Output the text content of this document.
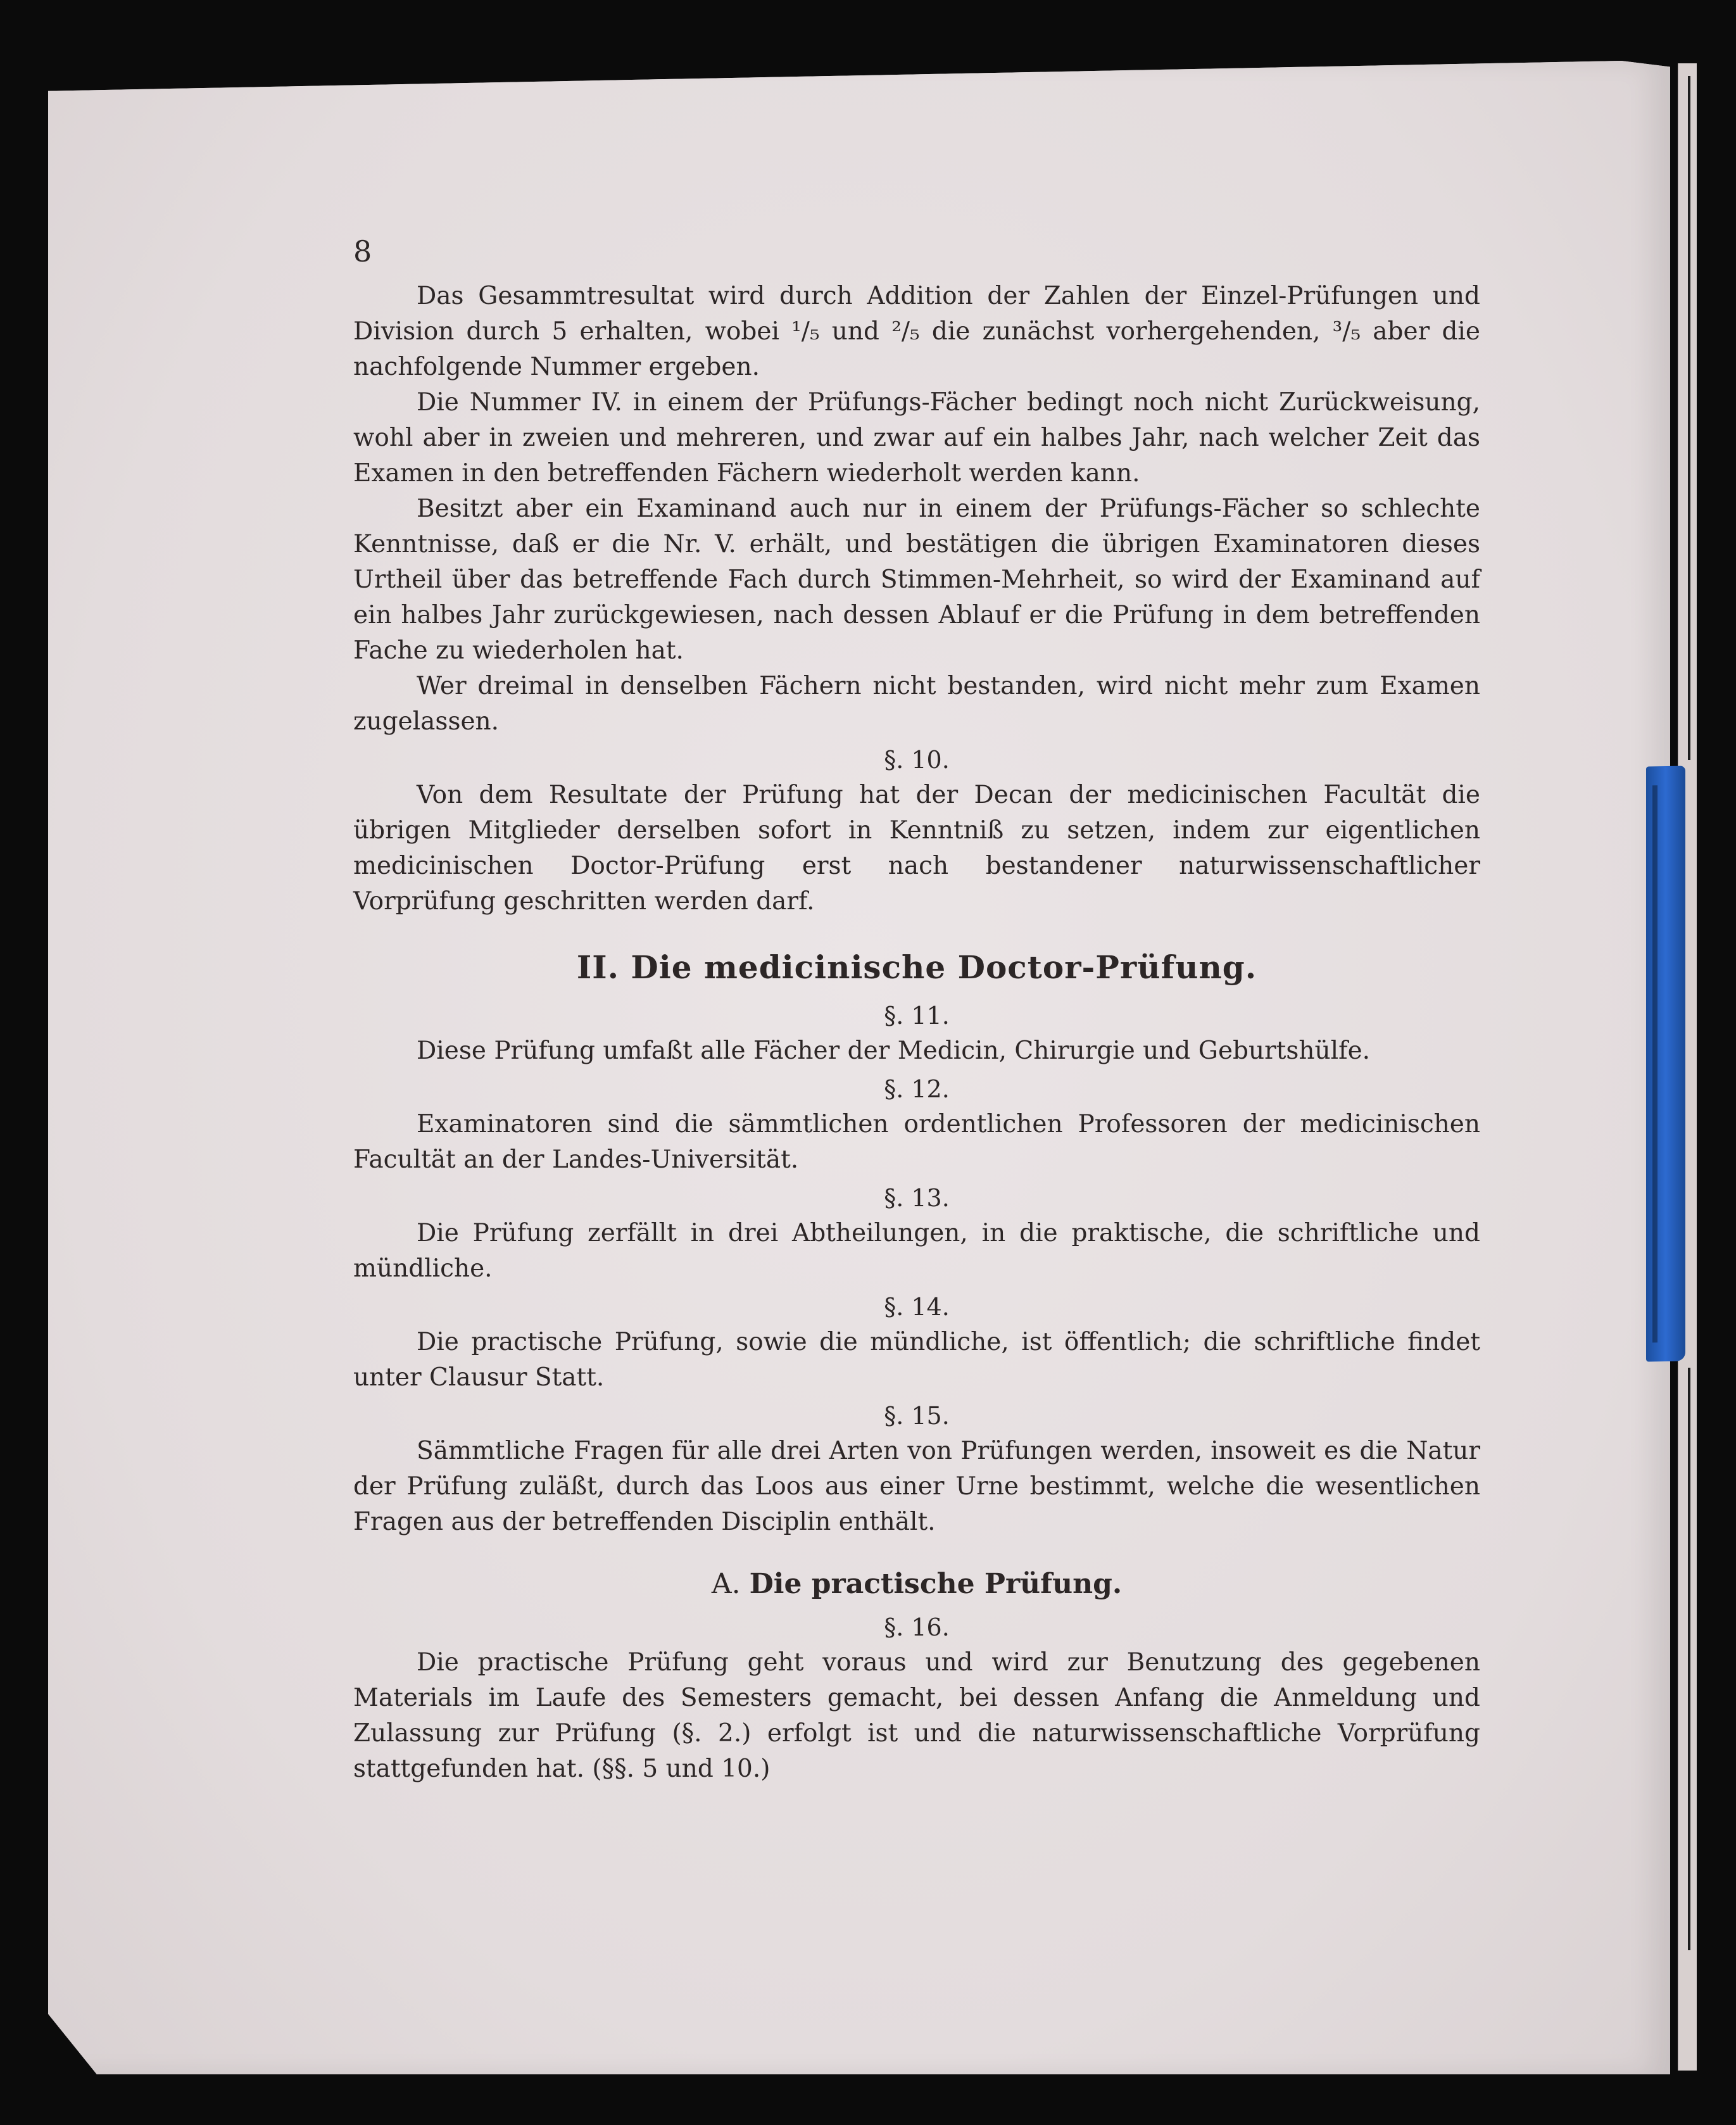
8

Das Gesammtresultat wird durch Addition der Zahlen der Einzel-Prüfungen und Division durch 5 erhalten, wobei ¹/₅ und ²/₅ die zunächst vorhergehenden, ³/₅ aber die nachfolgende Nummer ergeben.

Die Nummer IV. in einem der Prüfungs-Fächer bedingt noch nicht Zurückweisung, wohl aber in zweien und mehreren, und zwar auf ein halbes Jahr, nach welcher Zeit das Examen in den betreffenden Fächern wiederholt werden kann.

Besitzt aber ein Examinand auch nur in einem der Prüfungs-Fächer so schlechte Kenntnisse, daß er die Nr. V. erhält, und bestätigen die übrigen Examinatoren dieses Urtheil über das betreffende Fach durch Stimmen-Mehrheit, so wird der Examinand auf ein halbes Jahr zurückgewiesen, nach dessen Ablauf er die Prüfung in dem betreffenden Fache zu wiederholen hat.

Wer dreimal in denselben Fächern nicht bestanden, wird nicht mehr zum Examen zugelassen.

§. 10.

Von dem Resultate der Prüfung hat der Decan der medicinischen Facultät die übrigen Mitglieder derselben sofort in Kenntniß zu setzen, indem zur eigentlichen medicinischen Doctor-Prüfung erst nach bestandener naturwissenschaftlicher Vorprüfung geschritten werden darf.

II. Die medicinische Doctor-Prüfung.

§. 11.

Diese Prüfung umfaßt alle Fächer der Medicin, Chirurgie und Geburtshülfe.

§. 12.

Examinatoren sind die sämmtlichen ordentlichen Professoren der medicinischen Facultät an der Landes-Universität.

§. 13.

Die Prüfung zerfällt in drei Abtheilungen, in die praktische, die schriftliche und mündliche.

§. 14.

Die practische Prüfung, sowie die mündliche, ist öffentlich; die schriftliche findet unter Clausur Statt.

§. 15.

Sämmtliche Fragen für alle drei Arten von Prüfungen werden, insoweit es die Natur der Prüfung zuläßt, durch das Loos aus einer Urne bestimmt, welche die wesentlichen Fragen aus der betreffenden Disciplin enthält.

A. Die practische Prüfung.

§. 16.

Die practische Prüfung geht voraus und wird zur Benutzung des gegebenen Materials im Laufe des Semesters gemacht, bei dessen Anfang die Anmeldung und Zulassung zur Prüfung (§. 2.) erfolgt ist und die naturwissenschaftliche Vorprüfung stattgefunden hat. (§§. 5 und 10.)
